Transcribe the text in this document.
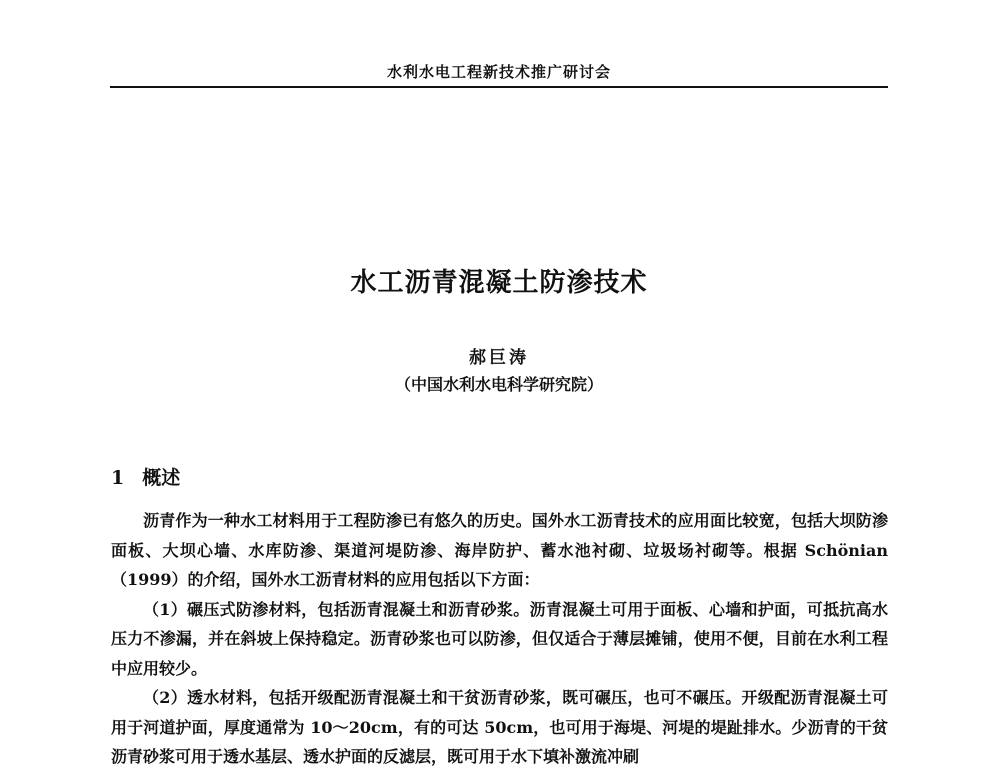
水利水电工程新技术推广研讨会
水工沥青混凝土防渗技术
郝巨涛
（中国水利水电科学研究院）
1 概述

沥青作为一种水工材料用于工程防渗已有悠久的历史。国外水工沥青技术的应用面比较宽，包括大坝防渗面板、大坝心墙、水库防渗、渠道河堤防渗、海岸防护、蓄水池衬砌、垃圾场衬砌等。根据 Schönian（1999）的介绍，国外水工沥青材料的应用包括以下方面：

（1）碾压式防渗材料，包括沥青混凝土和沥青砂浆。沥青混凝土可用于面板、心墙和护面，可抵抗高水压力不渗漏，并在斜坡上保持稳定。沥青砂浆也可以防渗，但仅适合于薄层摊铺，使用不便，目前在水利工程中应用较少。

（2）透水材料，包括开级配沥青混凝土和干贫沥青砂浆，既可碾压，也可不碾压。开级配沥青混凝土可用于河道护面，厚度通常为 10～20cm，有的可达 50cm，也可用于海堤、河堤的堤趾排水。少沥青的干贫沥青砂浆可用于透水基层、透水护面的反滤层，既可用于水下填补激流冲刷
